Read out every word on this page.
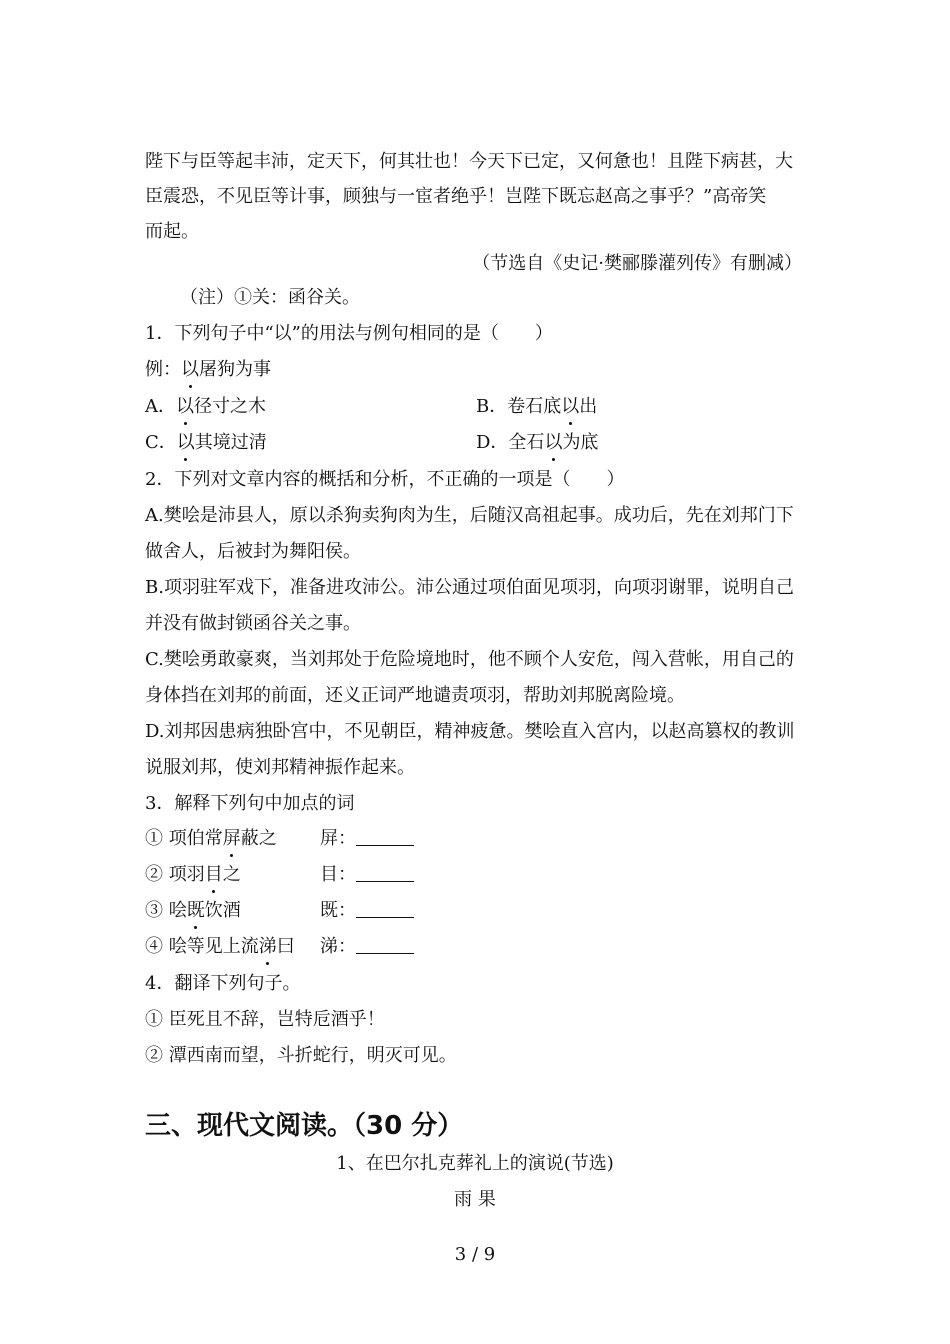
陛下与臣等起丰沛，定天下，何其壮也！今天下已定，又何惫也！且陛下病甚，大
臣震恐，不见臣等计事，顾独与一宦者绝乎！岂陛下既忘赵高之事乎？”高帝笑
而起。
（节选自《史记·樊郦滕灌列传》有删减）
（注）①关：函谷关。
1．下列句子中“以”的用法与例句相同的是（　　）
例：以屠狗为事
A．以径寸之木	B．卷石底以出
C．以其境过清	D．全石以为底
2．下列对文章内容的概括和分析，不正确的一项是（　　）
A.樊哙是沛县人，原以杀狗卖狗肉为生，后随汉高祖起事。成功后，先在刘邦门下
做舍人，后被封为舞阳侯。
B.项羽驻军戏下，准备进攻沛公。沛公通过项伯面见项羽，向项羽谢罪，说明自己
并没有做封锁函谷关之事。
C.樊哙勇敢豪爽，当刘邦处于危险境地时，他不顾个人安危，闯入营帐，用自己的
身体挡在刘邦的前面，还义正词严地谴责项羽，帮助刘邦脱离险境。
D.刘邦因患病独卧宫中，不见朝臣，精神疲惫。樊哙直入宫内，以赵高篡权的教训
说服刘邦，使刘邦精神振作起来。
3．解释下列句中加点的词
① 项伯常屏蔽之 屏：
② 项羽目之	目：
③ 哙既饮酒	既：
④ 哙等见上流涕曰 涕：
4．翻译下列句子。
① 臣死且不辞，岂特卮酒乎！
② 潭西南而望，斗折蛇行，明灭可见。
三、现代文阅读。（30 分）
1、在巴尔扎克葬礼上的演说(节选)
雨 果
3 / 9
